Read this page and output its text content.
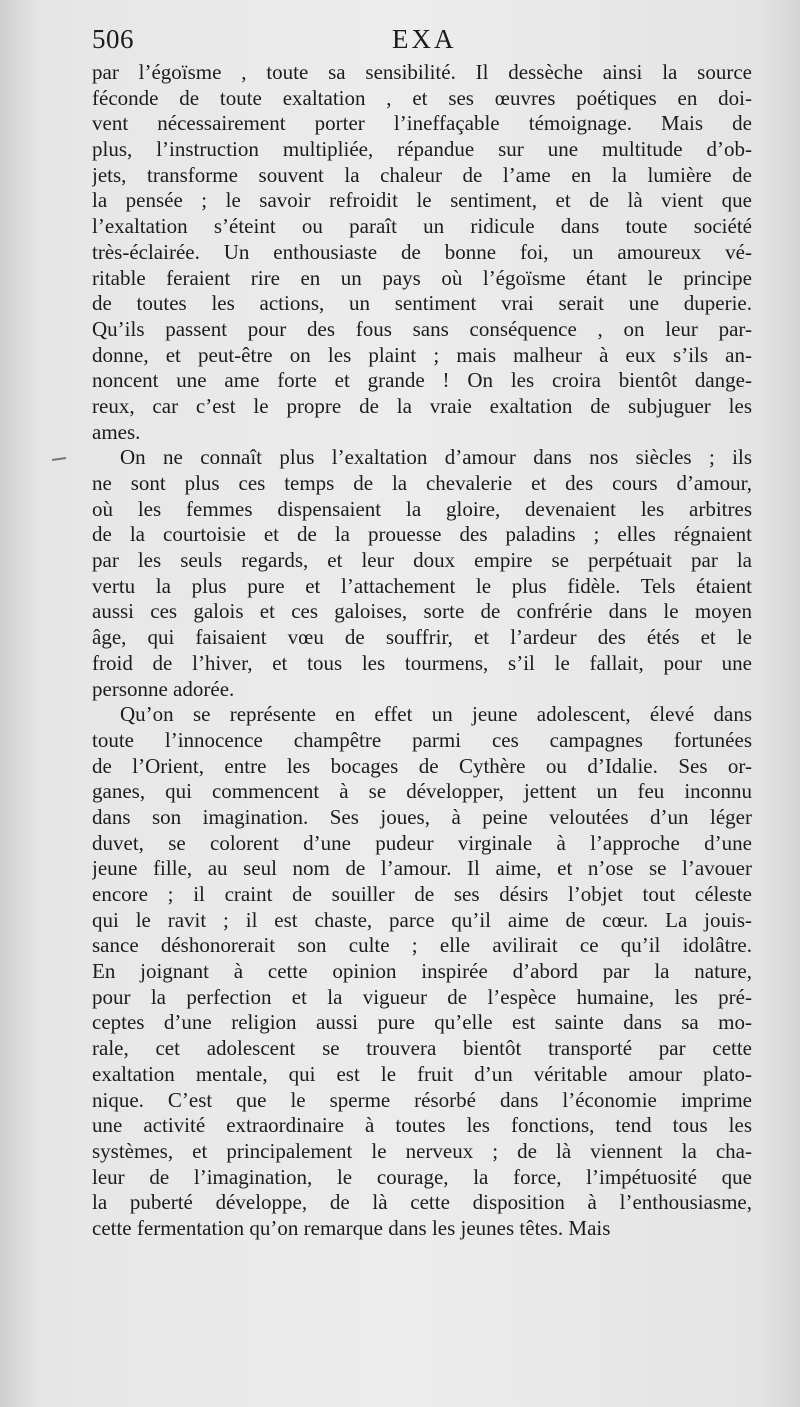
506	EXA
par l’égoïsme , toute sa sensibilité. Il dessèche ainsi la source
féconde de toute exaltation , et ses œuvres poétiques en doi-
vent nécessairement porter l’ineffaçable témoignage. Mais de
plus, l’instruction multipliée, répandue sur une multitude d’ob-
jets, transforme souvent la chaleur de l’ame en la lumière de
la pensée ; le savoir refroidit le sentiment, et de là vient que
l’exaltation s’éteint ou paraît un ridicule dans toute société
très-éclairée. Un enthousiaste de bonne foi, un amoureux vé-
ritable feraient rire en un pays où l’égoïsme étant le principe
de toutes les actions, un sentiment vrai serait une duperie.
Qu’ils passent pour des fous sans conséquence , on leur par-
donne, et peut-être on les plaint ; mais malheur à eux s’ils an-
noncent une ame forte et grande ! On les croira bientôt dange-
reux, car c’est le propre de la vraie exaltation de subjuguer les
ames.
On ne connaît plus l’exaltation d’amour dans nos siècles ; ils
ne sont plus ces temps de la chevalerie et des cours d’amour,
où les femmes dispensaient la gloire, devenaient les arbitres
de la courtoisie et de la prouesse des paladins ; elles régnaient
par les seuls regards, et leur doux empire se perpétuait par la
vertu la plus pure et l’attachement le plus fidèle. Tels étaient
aussi ces galois et ces galoises, sorte de confrérie dans le moyen
âge, qui faisaient vœu de souffrir, et l’ardeur des étés et le
froid de l’hiver, et tous les tourmens, s’il le fallait, pour une
personne adorée.
Qu’on se représente en effet un jeune adolescent, élevé dans
toute l’innocence champêtre parmi ces campagnes fortunées
de l’Orient, entre les bocages de Cythère ou d’Idalie. Ses or-
ganes, qui commencent à se développer, jettent un feu inconnu
dans son imagination. Ses joues, à peine veloutées d’un léger
duvet, se colorent d’une pudeur virginale à l’approche d’une
jeune fille, au seul nom de l’amour. Il aime, et n’ose se l’avouer
encore ; il craint de souiller de ses désirs l’objet tout céleste
qui le ravit ; il est chaste, parce qu’il aime de cœur. La jouis-
sance déshonorerait son culte ; elle avilirait ce qu’il idolâtre.
En joignant à cette opinion inspirée d’abord par la nature,
pour la perfection et la vigueur de l’espèce humaine, les pré-
ceptes d’une religion aussi pure qu’elle est sainte dans sa mo-
rale, cet adolescent se trouvera bientôt transporté par cette
exaltation mentale, qui est le fruit d’un véritable amour plato-
nique. C’est que le sperme résorbé dans l’économie imprime
une activité extraordinaire à toutes les fonctions, tend tous les
systèmes, et principalement le nerveux ; de là viennent la cha-
leur de l’imagination, le courage, la force, l’impétuosité que
la puberté développe, de là cette disposition à l’enthousiasme,
cette fermentation qu’on remarque dans les jeunes têtes. Mais
